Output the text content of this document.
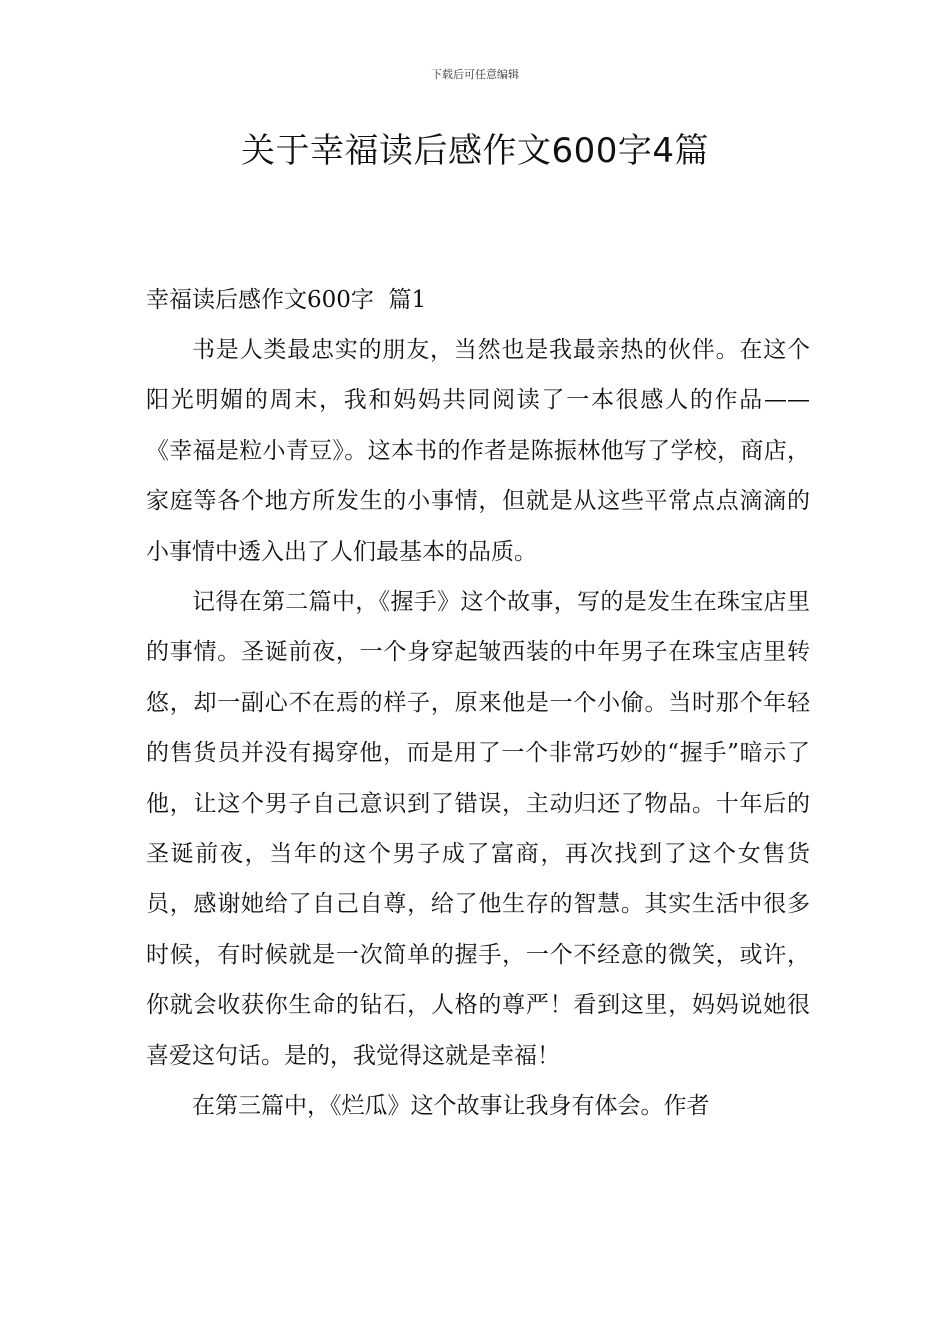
下载后可任意编辑
关于幸福读后感作文600字4篇
幸福读后感作文600字  篇1

书是人类最忠实的朋友，当然也是我最亲热的伙伴。在这个阳光明媚的周末，我和妈妈共同阅读了一本很感人的作品——《幸福是粒小青豆》。这本书的作者是陈振林他写了学校，商店，家庭等各个地方所发生的小事情，但就是从这些平常点点滴滴的小事情中透入出了人们最基本的品质。

记得在第二篇中，《握手》这个故事，写的是发生在珠宝店里的事情。圣诞前夜，一个身穿起皱西装的中年男子在珠宝店里转悠，却一副心不在焉的样子，原来他是一个小偷。当时那个年轻的售货员并没有揭穿他，而是用了一个非常巧妙的“握手”暗示了他，让这个男子自己意识到了错误，主动归还了物品。十年后的圣诞前夜，当年的这个男子成了富商，再次找到了这个女售货员，感谢她给了自己自尊，给了他生存的智慧。其实生活中很多时候，有时候就是一次简单的握手，一个不经意的微笑，或许，你就会收获你生命的钻石，人格的尊严！看到这里，妈妈说她很喜爱这句话。是的，我觉得这就是幸福！

在第三篇中，《烂瓜》这个故事让我身有体会。作者
